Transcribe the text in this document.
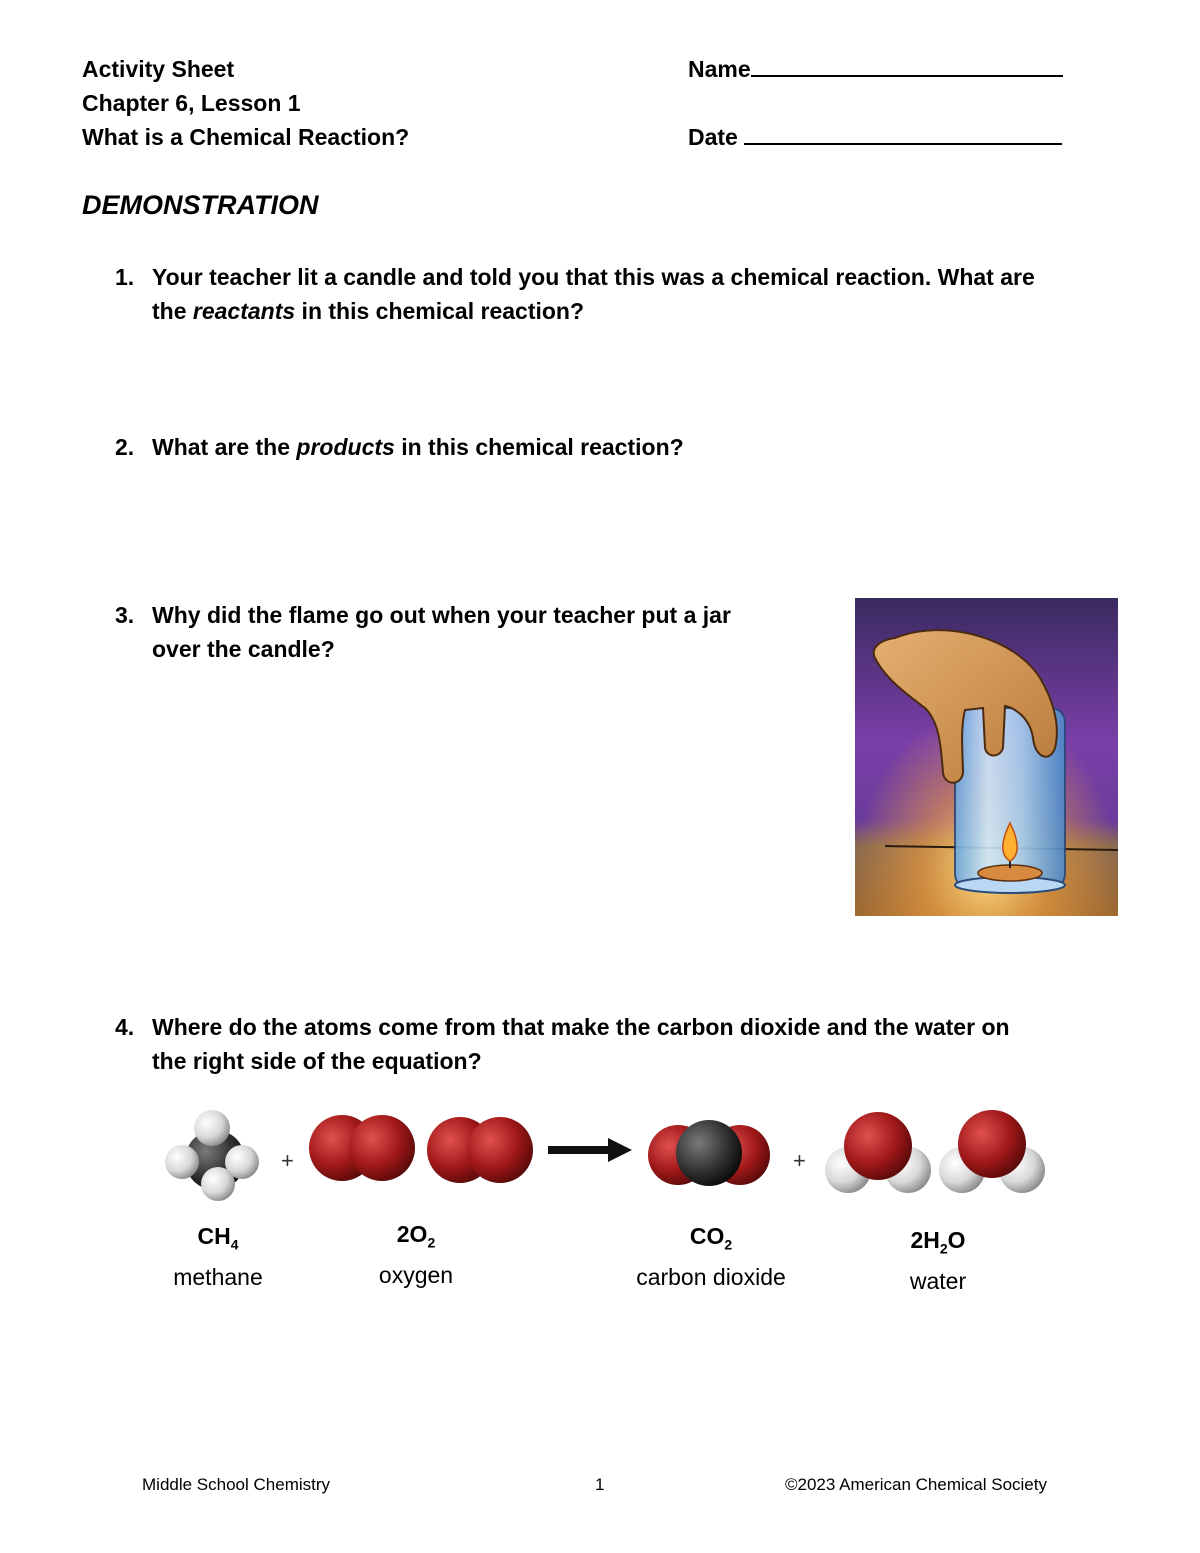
Activity Sheet
Chapter 6, Lesson 1
What is a Chemical Reaction?
Name
Date
DEMONSTRATION
1. Your teacher lit a candle and told you that this was a chemical reaction. What are
the reactants in this chemical reaction?
2. What are the products in this chemical reaction?
3. Why did the flame go out when your teacher put a jar
over the candle?
4. Where do the atoms come from that make the carbon dioxide and the water on
the right side of the equation?
+	+
$CH_4$
methane
$2O_2$
oxygen
$CO_2$
carbon dioxide
$2H_2O$
water
Middle School Chemistry	1	©2023 American Chemical Society
